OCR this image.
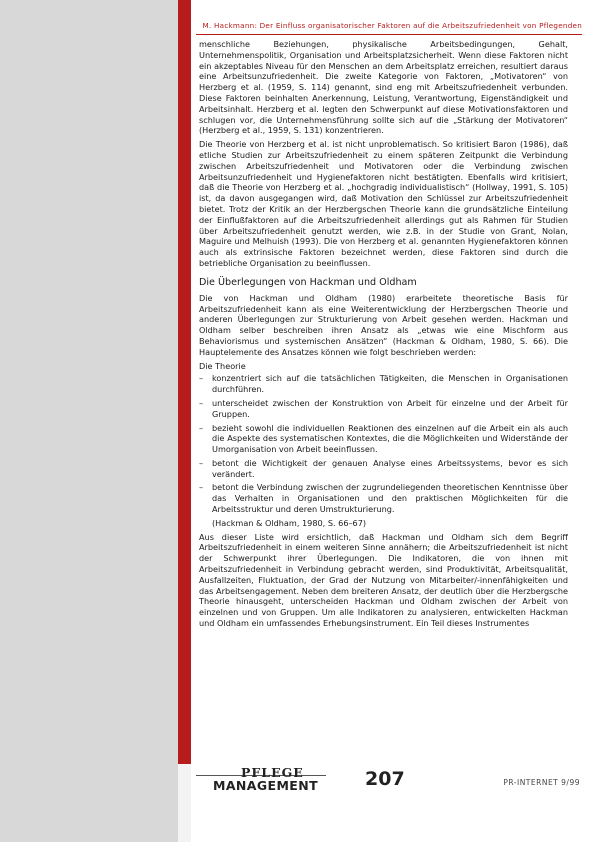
M. Hackmann: Der Einfluss organisatorischer Faktoren auf die Arbeitszufriedenheit von Pflegenden

menschliche Beziehungen, physikalische Arbeitsbedingungen, Gehalt, Unternehmenspolitik, Organisation und Arbeitsplatzsicherheit. Wenn diese Faktoren nicht ein akzeptables Niveau für den Menschen an dem Arbeitsplatz erreichen, resultiert daraus eine Arbeitsunzufriedenheit. Die zweite Kategorie von Faktoren, „Motivatoren“ von Herzberg et al. (1959, S. 114) genannt, sind eng mit Arbeitszufriedenheit verbunden. Diese Faktoren beinhalten Anerkennung, Leistung, Verantwortung, Eigenständigkeit und Arbeitsinhalt. Herzberg et al. legten den Schwerpunkt auf diese Motivationsfaktoren und schlugen vor, die Unternehmensführung sollte sich auf die „Stärkung der Motivatoren“ (Herzberg et al., 1959, S. 131) konzentrieren.

Die Theorie von Herzberg et al. ist nicht unproblematisch. So kritisiert Baron (1986), daß etliche Studien zur Arbeitszufriedenheit zu einem späteren Zeitpunkt die Verbindung zwischen Arbeitszufriedenheit und Motivatoren oder die Verbindung zwischen Arbeitsunzufriedenheit und Hygienefaktoren nicht bestätigten. Ebenfalls wird kritisiert, daß die Theorie von Herzberg et al. „hochgradig individualistisch“ (Hollway, 1991, S. 105) ist, da davon ausgegangen wird, daß Motivation den Schlüssel zur Arbeitszufriedenheit bietet. Trotz der Kritik an der Herzbergschen Theorie kann die grundsätzliche Einteilung der Einflußfaktoren auf die Arbeitszufriedenheit allerdings gut als Rahmen für Studien über Arbeitszufriedenheit genutzt werden, wie z.B. in der Studie von Grant, Nolan, Maguire und Melhuish (1993). Die von Herzberg et al. genannten Hygienefaktoren können auch als extrinsische Faktoren bezeichnet werden, diese Faktoren sind durch die betriebliche Organisation zu beeinflussen.

Die Überlegungen von Hackman und Oldham

Die von Hackman und Oldham (1980) erarbeitete theoretische Basis für Arbeitszufriedenheit kann als eine Weiterentwicklung der Herzbergschen Theorie und anderen Überlegungen zur Strukturierung von Arbeit gesehen werden. Hackman und Oldham selber beschreiben ihren Ansatz als „etwas wie eine Mischform aus Behaviorismus und systemischen Ansätzen“ (Hackman & Oldham, 1980, S. 66). Die Hauptelemente des Ansatzes können wie folgt beschrieben werden:

Die Theorie

– konzentriert sich auf die tatsächlichen Tätigkeiten, die Menschen in Organisationen durchführen.
– unterscheidet zwischen der Konstruktion von Arbeit für einzelne und der Arbeit für Gruppen.
– bezieht sowohl die individuellen Reaktionen des einzelnen auf die Arbeit ein als auch die Aspekte des systematischen Kontextes, die die Möglichkeiten und Widerstände der Umorganisation von Arbeit beeinflussen.
– betont die Wichtigkeit der genauen Analyse eines Arbeitssystems, bevor es sich verändert.
– betont die Verbindung zwischen der zugrundeliegenden theoretischen Kenntnisse über das Verhalten in Organisationen und den praktischen Möglichkeiten für die Arbeitsstruktur und deren Umstrukturierung.

(Hackman & Oldham, 1980, S. 66–67)

Aus dieser Liste wird ersichtlich, daß Hackman und Oldham sich dem Begriff Arbeitszufriedenheit in einem weiteren Sinne annähern; die Arbeitszufriedenheit ist nicht der Schwerpunkt ihrer Überlegungen. Die Indikatoren, die von ihnen mit Arbeitszufriedenheit in Verbindung gebracht werden, sind Produktivität, Arbeitsqualität, Ausfallzeiten, Fluktuation, der Grad der Nutzung von Mitarbeiter/-innenfähigkeiten und das Arbeitsengagement. Neben dem breiteren Ansatz, der deutlich über die Herzbergsche Theorie hinausgeht, unterscheiden Hackman und Oldham zwischen der Arbeit von einzelnen und von Gruppen. Um alle Indikatoren zu analysieren, entwickelten Hackman und Oldham ein umfassendes Erhebungsinstrument. Ein Teil dieses Instrumentes

PFLEGE
MANAGEMENT 207	PR-INTERNET 9/99
